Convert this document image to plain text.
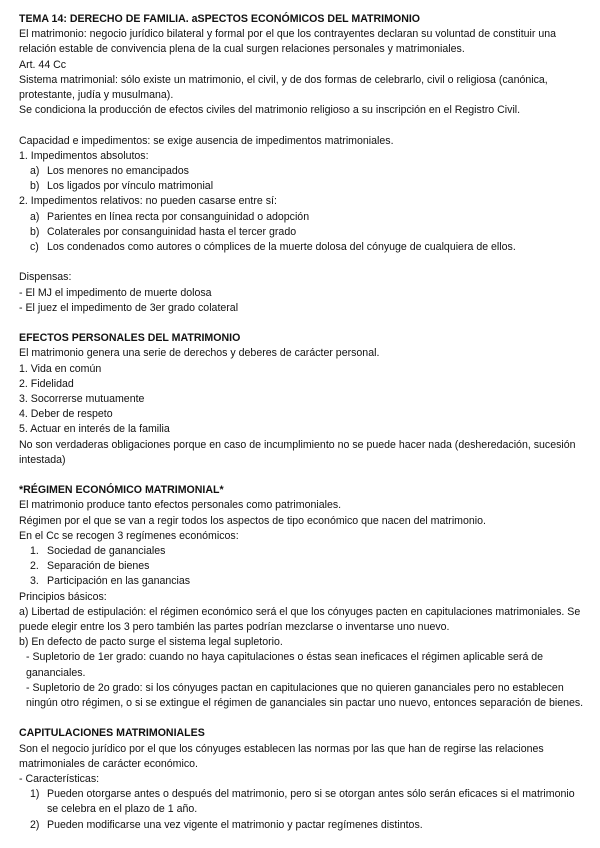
TEMA 14: DERECHO DE FAMILIA. aSPECTOS ECONÓMICOS DEL MATRIMONIO
El matrimonio: negocio jurídico bilateral y formal por el que los contrayentes declaran su voluntad de constituir una relación estable de convivencia plena de la cual surgen relaciones personales y matrimoniales.
Art. 44 Cc
Sistema matrimonial: sólo existe un matrimonio, el civil, y de dos formas de celebrarlo, civil o religiosa (canónica, protestante, judía y musulmana).
Se condiciona la producción de efectos civiles del matrimonio religioso a su inscripción en el Registro Civil.
Capacidad e impedimentos: se exige ausencia de impedimentos matrimoniales.
1. Impedimentos absolutos:
a) Los menores no emancipados
b) Los ligados por vínculo matrimonial
2. Impedimentos relativos: no pueden casarse entre sí:
a) Parientes en línea recta por consanguinidad o adopción
b) Colaterales por consanguinidad hasta el tercer grado
c) Los condenados como autores o cómplices de la muerte dolosa del cónyuge de cualquiera de ellos.
Dispensas:
- El MJ el impedimento de muerte dolosa
- El juez el impedimento de 3er grado colateral
EFECTOS PERSONALES DEL MATRIMONIO
El matrimonio genera una serie de derechos y deberes de carácter personal.
1. Vida en común
2. Fidelidad
3. Socorrerse mutuamente
4. Deber de respeto
5. Actuar en interés de la familia
No son verdaderas obligaciones porque en caso de incumplimiento no se puede hacer nada (desheredación, sucesión intestada)
*RÉGIMEN ECONÓMICO MATRIMONIAL*
El matrimonio produce tanto efectos personales como patrimoniales.
Régimen por el que se van a regir todos los aspectos de tipo económico que nacen del matrimonio.
En el Cc se recogen 3 regímenes económicos:
1. Sociedad de gananciales
2. Separación de bienes
3. Participación en las ganancias
Principios básicos:
a) Libertad de estipulación: el régimen económico será el que los cónyuges pacten en capitulaciones matrimoniales. Se puede elegir entre los 3 pero también las partes podrían mezclarse o inventarse uno nuevo.
b) En defecto de pacto surge el sistema legal supletorio.
- Supletorio de 1er grado: cuando no haya capitulaciones o éstas sean ineficaces el régimen aplicable será de gananciales.
- Supletorio de 2o grado: si los cónyuges pactan en capitulaciones que no quieren gananciales pero no establecen ningún otro régimen, o si se extingue el régimen de gananciales sin pactar uno nuevo, entonces separación de bienes.
CAPITULACIONES MATRIMONIALES
Son el negocio jurídico por el que los cónyuges establecen las normas por las que han de regirse las relaciones matrimoniales de carácter económico.
- Características:
1) Pueden otorgarse antes o después del matrimonio, pero si se otorgan antes sólo serán eficaces si el matrimonio se celebra en el plazo de 1 año.
2) Pueden modificarse una vez vigente el matrimonio y pactar regímenes distintos.
